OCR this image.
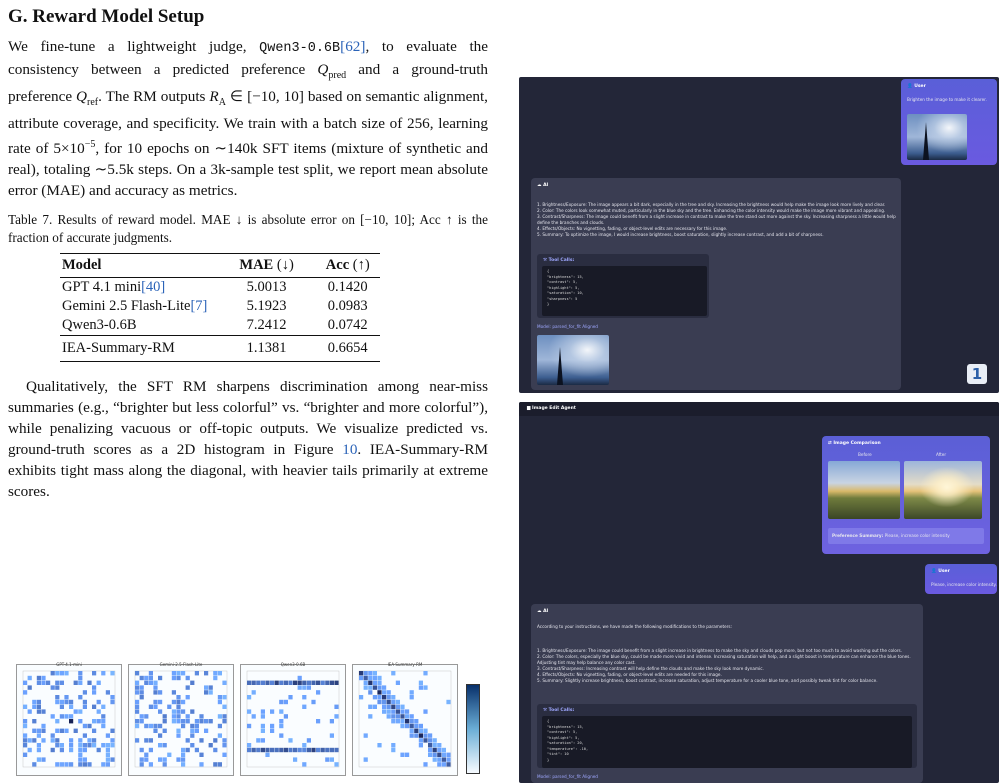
G. Reward Model Setup

We fine-tune a lightweight judge, Qwen3-0.6B[62], to evaluate the consistency between a predicted preference $Q_{pred}$ and a ground-truth preference $Q_{ref}$. The RM outputs $R_A$ ∈ [−10, 10] based on semantic alignment, attribute coverage, and specificity. We train with a batch size of 256, learning rate of $5\times 10^{-5}$, for 10 epochs on ∼140k SFT items (mixture of synthetic and real), totaling ∼5.5k steps. On a 3k-sample test split, we report mean absolute error (MAE) and accuracy as metrics.

Table 7. Results of reward model. MAE ↓ is absolute error on [−10, 10]; Acc ↑ is the fraction of accurate judgments.

Model	MAE (↓)	Acc (↑)
GPT 4.1 mini[40]	5.0013	0.1420
Gemini 2.5 Flash-Lite[7]	5.1923	0.0983
Qwen3-0.6B	7.2412	0.0742
IEA-Summary-RM	1.1381	0.6654

Qualitatively, the SFT RM sharpens discrimination among near-miss summaries (e.g., “brighter but less colorful” vs. “brighter and more colorful”), while penalizing vacuous or off-topic outputs. We visualize predicted vs. ground-truth scores as a 2D histogram in Figure 10. IEA-Summary-RM exhibits tight mass along the diagonal, with heavier tails primarily at extreme scores.

GPT-4.1-mini	Gemini-2.5-Flash-Lite	Qwen3-0.6B	IEA-Summary-RM
👤 User
Brighten the image to make it clearer.
☁ AI
1. Brightness/Exposure: The image appears a bit dark, especially in the tree and sky. Increasing the brightness would help make the image look more lively and clear.
2. Color: The colors look somewhat muted, particularly in the blue sky and the tree. Enhancing the color intensity would make the image more vibrant and appealing.
3. Contrast/Sharpness: The image could benefit from a slight increase in contrast to make the tree stand out more against the sky. Increasing sharpness a little would help define the branches and clouds.
4. Effects/Objects: No vignetting, fading, or object-level edits are necessary for this image.
5. Summary: To optimize the image, I would increase brightness, boost saturation, slightly increase contrast, and add a bit of sharpness.
⚒ Tool Calls:
{
"brightness": 15,
"contrast": 5,
"highlight": 5,
"saturation": 10,
"sharpness": 5
}
Model: parsed_for_fit Aligned
1
▆ Image Edit Agent
⇄ Image Comparison
Before	After
Preference Summary: Please, increase color intensity
👤 User
Please, increase color intensity.
☁ AI
According to your instructions, we have made the following modifications to the parameters:
1. Brightness/Exposure: The image could benefit from a slight increase in brightness to make the sky and clouds pop more, but not too much to avoid washing out the colors.
2. Color: The colors, especially the blue sky, could be made more vivid and intense. Increasing saturation will help, and a slight boost in temperature can enhance the blue tones. Adjusting tint may help balance any color cast.
3. Contrast/Sharpness: Increasing contrast will help define the clouds and make the sky look more dynamic.
4. Effects/Objects: No vignetting, fading, or object-level edits are needed for this image.
5. Summary: Slightly increase brightness, boost contrast, increase saturation, adjust temperature for a cooler blue tone, and possibly tweak tint for color balance.
⚒ Tool Calls:
{
"brightness": 15,
"contrast": 5,
"highlight": 5,
"saturation": 20,
"temperature": -10,
"tint": 10
}
Model: parsed_for_fit Aligned
